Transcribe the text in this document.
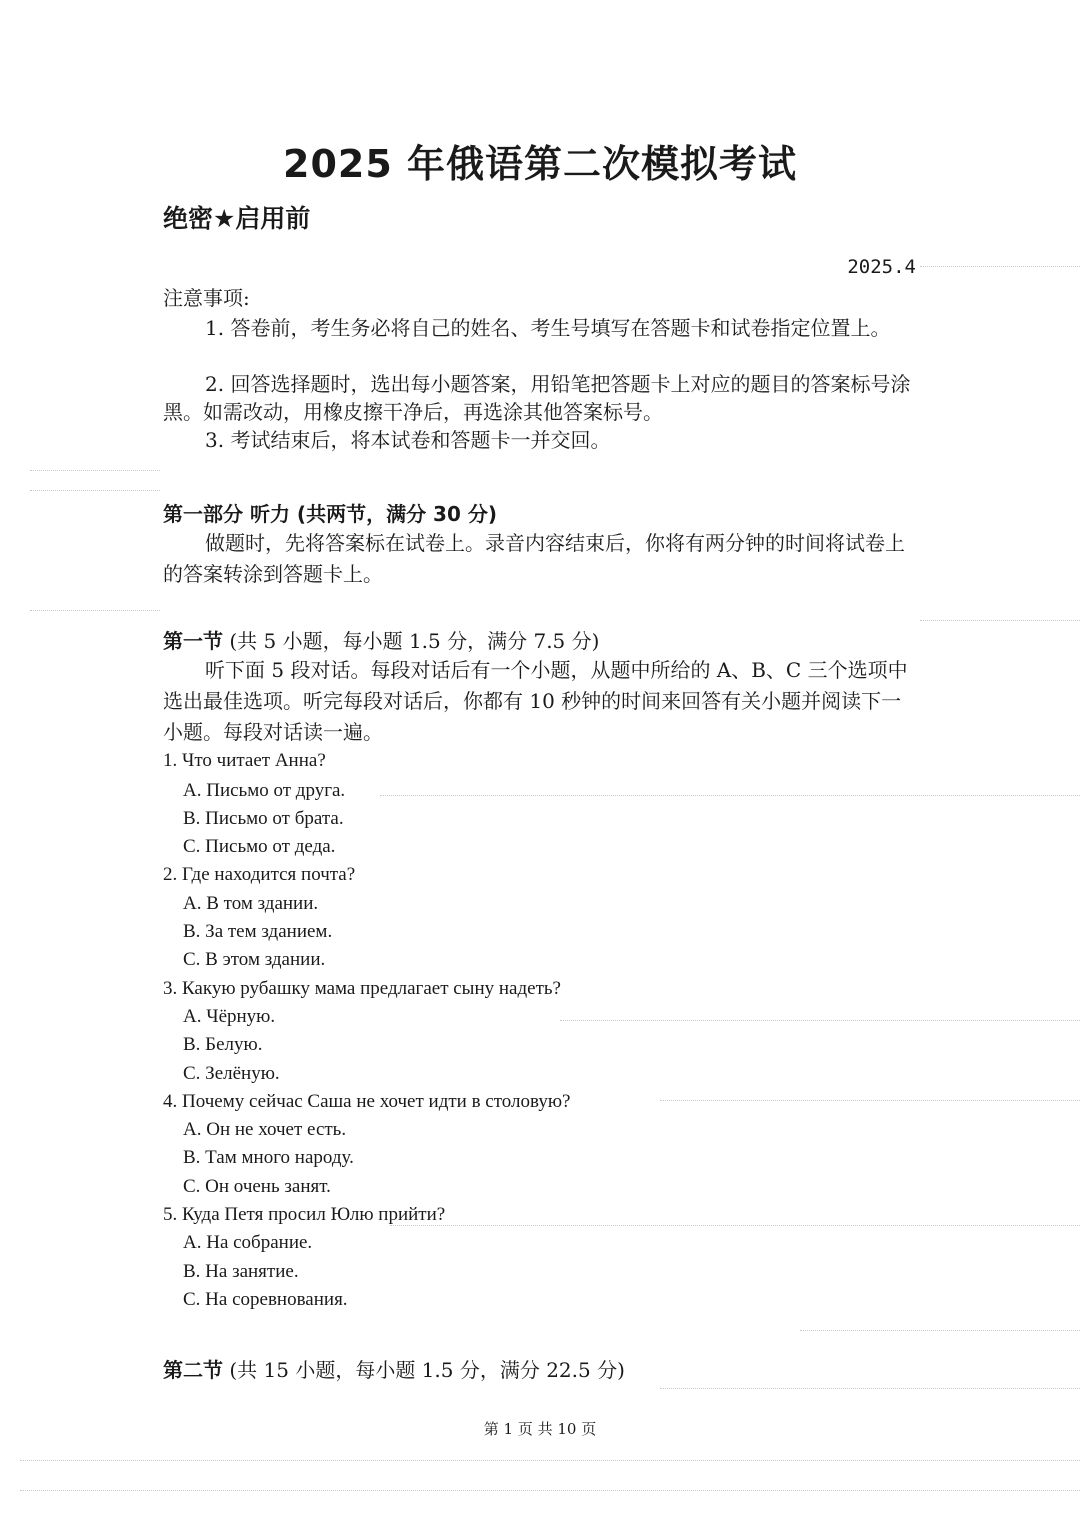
2025 年俄语第二次模拟考试
绝密★启用前
2025.4
注意事项:
1. 答卷前，考生务必将自己的姓名、考生号填写在答题卡和试卷指定位置上。
2. 回答选择题时，选出每小题答案，用铅笔把答题卡上对应的题目的答案标号涂黑。如需改动，用橡皮擦干净后，再选涂其他答案标号。
3. 考试结束后，将本试卷和答题卡一并交回。
第一部分 听力 (共两节，满分 30 分)
做题时，先将答案标在试卷上。录音内容结束后，你将有两分钟的时间将试卷上的答案转涂到答题卡上。
第一节 (共 5 小题，每小题 1.5 分，满分 7.5 分)
听下面 5 段对话。每段对话后有一个小题，从题中所给的 A、B、C 三个选项中选出最佳选项。听完每段对话后，你都有 10 秒钟的时间来回答有关小题并阅读下一小题。每段对话读一遍。
1. Что читает Анна?
A. Письмо от друга.
B. Письмо от брата.
C. Письмо от деда.
2. Где находится почта?
A. В том здании.
B. За тем зданием.
C. В этом здании.
3. Какую рубашку мама предлагает сыну надеть?
A. Чёрную.
B. Белую.
C. Зелёную.
4. Почему сейчас Саша не хочет идти в столовую?
A. Он не хочет есть.
B. Там много народу.
C. Он очень занят.
5. Куда Петя просил Юлю прийти?
A. На собрание.
B. На занятие.
C. На соревнования.
第二节 (共 15 小题，每小题 1.5 分，满分 22.5 分)
第 1 页 共 10 页
